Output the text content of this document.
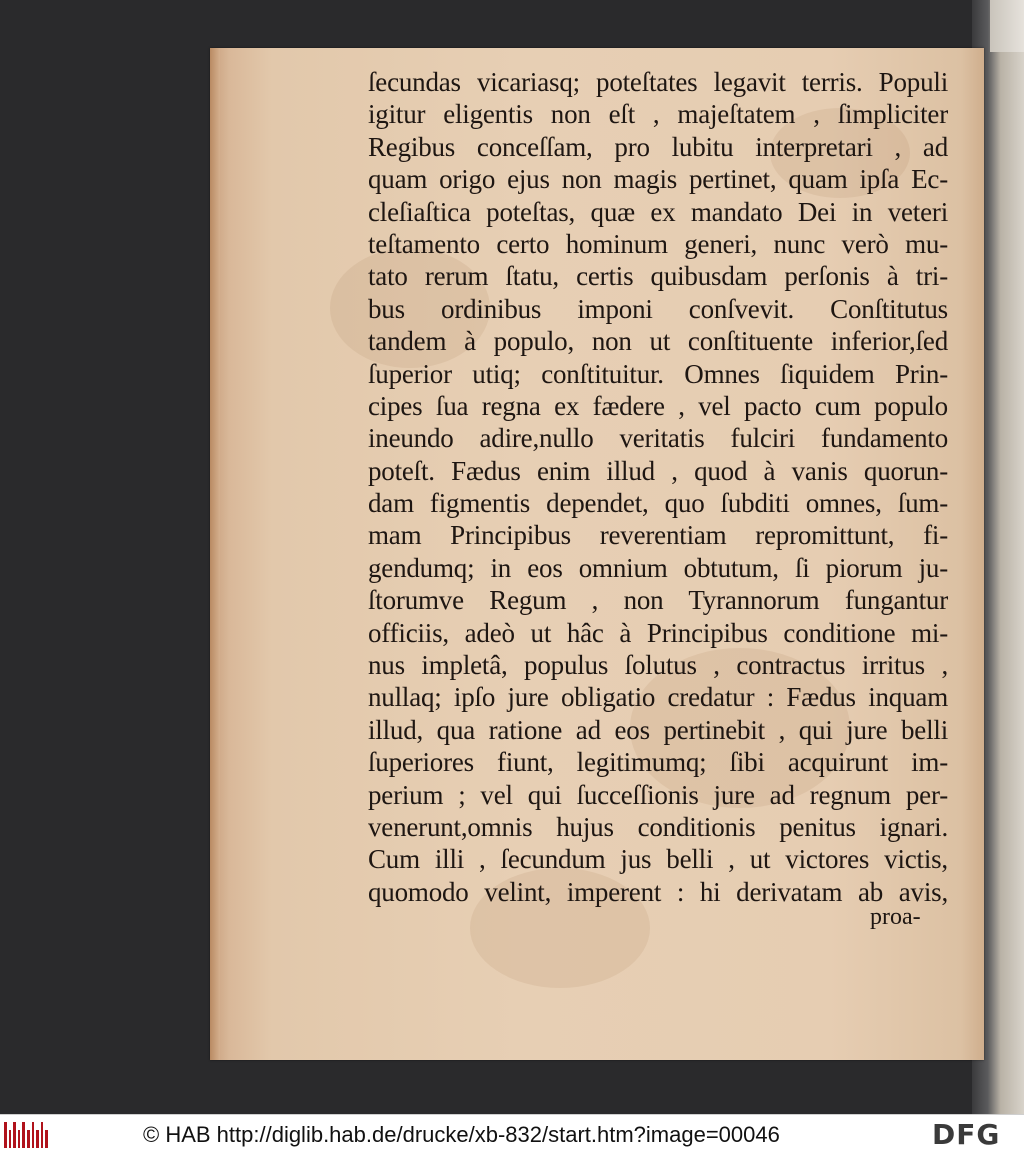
ſecundas vicariasq; poteſtates legavit terris. Populi
igitur eligentis non eſt , majeſtatem , ſimpliciter
Regibus conceſſam, pro lubitu interpretari , ad
quam origo ejus non magis pertinet, quam ipſa Ec-
cleſiaſtica poteſtas, quæ ex mandato Dei in veteri
teſtamento certo hominum generi, nunc verò mu-
tato rerum ſtatu, certis quibusdam perſonis à tri-
bus ordinibus imponi conſvevit. Conſtitutus
tandem à populo, non ut conſtituente inferior,ſed
ſuperior utiq; conſtituitur. Omnes ſiquidem Prin-
cipes ſua regna ex fædere , vel pacto cum populo
ineundo adire,nullo veritatis fulciri fundamento
poteſt. Fædus enim illud , quod à vanis quorun-
dam figmentis dependet, quo ſubditi omnes, ſum-
mam Principibus reverentiam repromittunt, fi-
gendumq; in eos omnium obtutum, ſi piorum ju-
ſtorumve Regum , non Tyrannorum fungantur
officiis, adeò ut hâc à Principibus conditione mi-
nus impletâ, populus ſolutus , contractus irritus ,
nullaq; ipſo jure obligatio credatur : Fædus inquam
illud, qua ratione ad eos pertinebit , qui jure belli
ſuperiores fiunt, legitimumq; ſibi acquirunt im-
perium ; vel qui ſucceſſionis jure ad regnum per-
venerunt,omnis hujus conditionis penitus ignari.
Cum illi , ſecundum jus belli , ut victores victis,
quomodo velint, imperent : hi derivatam ab avis,
proa-
© HAB http://diglib.hab.de/drucke/xb-832/start.htm?image=00046	DFG
